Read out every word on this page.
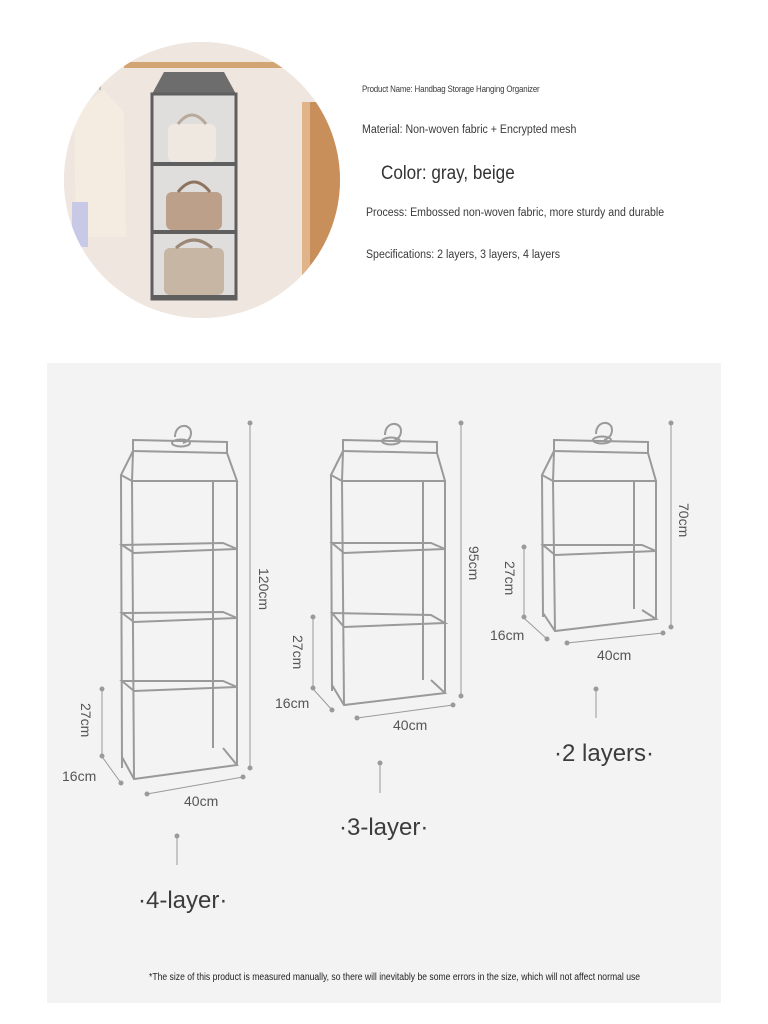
Product Name: Handbag Storage Hanging Organizer

Material: Non-woven fabric + Encrypted mesh

Color: gray, beige

Process: Embossed non-woven fabric, more sturdy and durable

Specifications: 2 layers, 3 layers, 4 layers

120cm
27cm
16cm
40cm
·4-layer·
95cm
27cm
16cm
40cm
·3-layer·
70cm
27cm
16cm
40cm
·2 layers·

*The size of this product is measured manually, so there will inevitably be some errors in the size, which will not affect normal use
